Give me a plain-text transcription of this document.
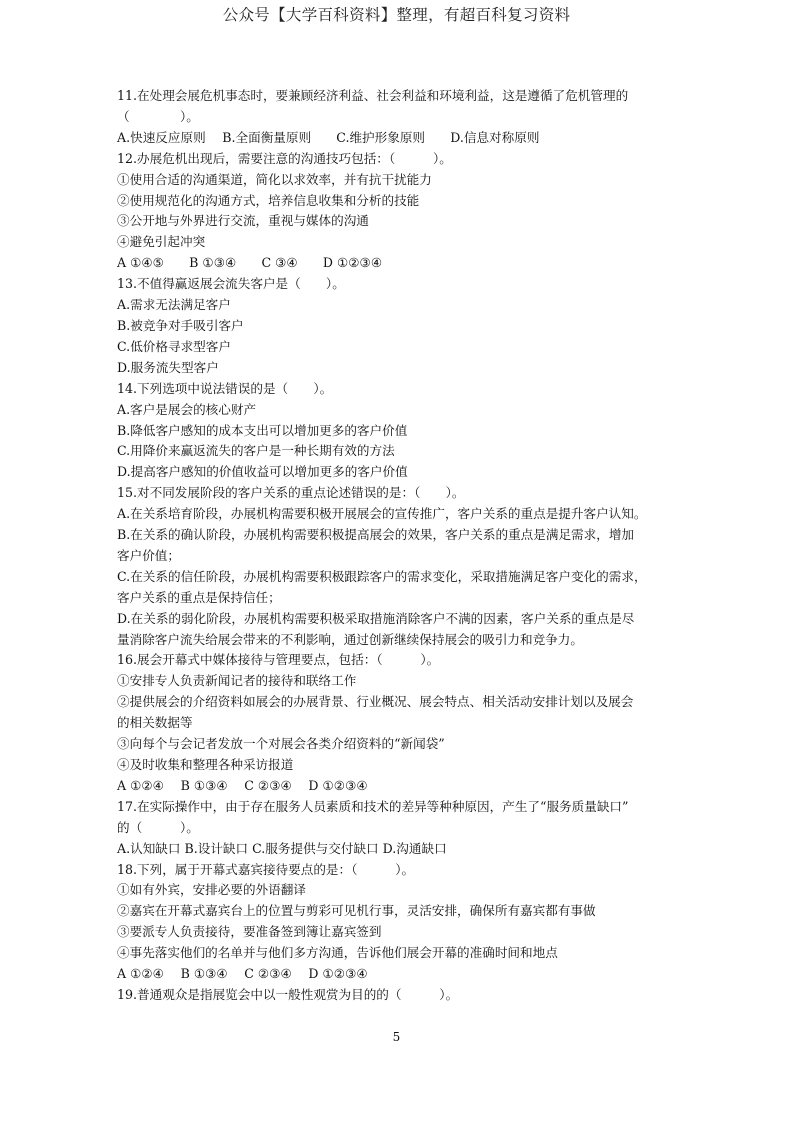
公众号【大学百科资料】整理，有超百科复习资料
11.在处理会展危机事态时，要兼顾经济利益、社会利益和环境利益，这是遵循了危机管理的
（　　　　）。
A.快速反应原则　 B.全面衡量原则　　C.维护形象原则　　D.信息对称原则
12.办展危机出现后，需要注意的沟通技巧包括：（　　　）。
①使用合适的沟通渠道，简化以求效率，并有抗干扰能力
②使用规范化的沟通方式，培养信息收集和分析的技能
③公开地与外界进行交流，重视与媒体的沟通
④避免引起冲突
A ①④⑤　　B ①③④　　C ③④　　D ①②③④
13.不值得赢返展会流失客户是（　　）。
A.需求无法满足客户
B.被竞争对手吸引客户
C.低价格寻求型客户
D.服务流失型客户
14.下列选项中说法错误的是（　　）。
A.客户是展会的核心财产
B.降低客户感知的成本支出可以增加更多的客户价值
C.用降价来赢返流失的客户是一种长期有效的方法
D.提高客户感知的价值收益可以增加更多的客户价值
15.对不同发展阶段的客户关系的重点论述错误的是：（　　）。
A.在关系培育阶段，办展机构需要积极开展展会的宣传推广，客户关系的重点是提升客户认知。
B.在关系的确认阶段，办展机构需要积极提高展会的效果，客户关系的重点是满足需求，增加
客户价值；
C.在关系的信任阶段，办展机构需要积极跟踪客户的需求变化，采取措施满足客户变化的需求，
客户关系的重点是保持信任；
D.在关系的弱化阶段，办展机构需要积极采取措施消除客户不满的因素，客户关系的重点是尽
量消除客户流失给展会带来的不利影响，通过创新继续保持展会的吸引力和竞争力。
16.展会开幕式中媒体接待与管理要点，包括：（　　　）。
①安排专人负责新闻记者的接待和联络工作
②提供展会的介绍资料如展会的办展背景、行业概况、展会特点、相关活动安排计划以及展会
的相关数据等
③向每个与会记者发放一个对展会各类介绍资料的“新闻袋”
④及时收集和整理各种采访报道
A ①②④　 B ①③④　 C ②③④　 D ①②③④
17.在实际操作中，由于存在服务人员素质和技术的差异等种种原因，产生了“服务质量缺口”
的（　　　）。
A.认知缺口 B.设计缺口 C.服务提供与交付缺口 D.沟通缺口
18.下列，属于开幕式嘉宾接待要点的是：（　　　）。
①如有外宾，安排必要的外语翻译
②嘉宾在开幕式嘉宾台上的位置与剪彩可见机行事，灵活安排，确保所有嘉宾都有事做
③要派专人负责接待，要准备签到簿让嘉宾签到
④事先落实他们的名单并与他们多方沟通，告诉他们展会开幕的准确时间和地点
A ①②④　 B ①③④　 C ②③④　 D ①②③④
19.普通观众是指展览会中以一般性观赏为目的的（　　　）。
5
